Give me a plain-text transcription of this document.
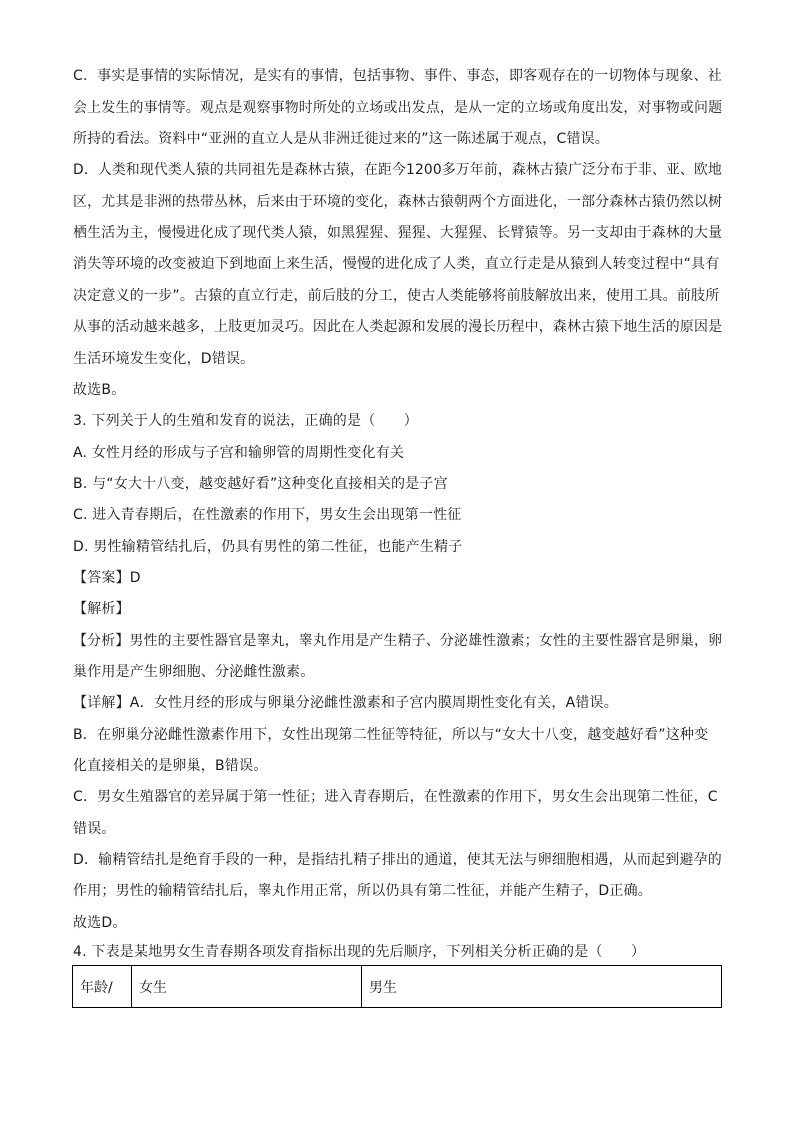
C．事实是事情的实际情况，是实有的事情，包括事物、事件、事态，即客观存在的一切物体与现象、社
会上发生的事情等。观点是观察事物时所处的立场或出发点，是从一定的立场或角度出发，对事物或问题
所持的看法。资料中“亚洲的直立人是从非洲迁徙过来的”这一陈述属于观点，C错误。
D．人类和现代类人猿的共同祖先是森林古猿，在距今1200多万年前，森林古猿广泛分布于非、亚、欧地
区，尤其是非洲的热带丛林，后来由于环境的变化，森林古猿朝两个方面进化，一部分森林古猿仍然以树
栖生活为主，慢慢进化成了现代类人猿，如黑猩猩、猩猩、大猩猩、长臂猿等。另一支却由于森林的大量
消失等环境的改变被迫下到地面上来生活，慢慢的进化成了人类，直立行走是从猿到人转变过程中“具有
决定意义的一步”。古猿的直立行走，前后肢的分工，使古人类能够将前肢解放出来，使用工具。前肢所
从事的活动越来越多，上肢更加灵巧。因此在人类起源和发展的漫长历程中，森林古猿下地生活的原因是
生活环境发生变化，D错误。
故选B。
3. 下列关于人的生殖和发育的说法，正确的是（　　）
A. 女性月经的形成与子宫和输卵管的周期性变化有关
B. 与“女大十八变，越变越好看”这种变化直接相关的是子宫
C. 进入青春期后，在性激素的作用下，男女生会出现第一性征
D. 男性输精管结扎后，仍具有男性的第二性征，也能产生精子
【答案】D
【解析】
【分析】男性的主要性器官是睾丸，睾丸作用是产生精子、分泌雄性激素；女性的主要性器官是卵巢，卵
巢作用是产生卵细胞、分泌雌性激素。
【详解】A．女性月经的形成与卵巢分泌雌性激素和子宫内膜周期性变化有关，A错误。
B．在卵巢分泌雌性激素作用下，女性出现第二性征等特征，所以与“女大十八变，越变越好看”这种变
化直接相关的是卵巢，B错误。
C．男女生殖器官的差异属于第一性征；进入青春期后，在性激素的作用下，男女生会出现第二性征，C
错误。
D．输精管结扎是绝育手段的一种，是指结扎精子排出的通道，使其无法与卵细胞相遇，从而起到避孕的
作用；男性的输精管结扎后，睾丸作用正常，所以仍具有第二性征，并能产生精子，D正确。
故选D。
4. 下表是某地男女生青春期各项发育指标出现的先后顺序，下列相关分析正确的是（　　）
年龄/	女生	男生
